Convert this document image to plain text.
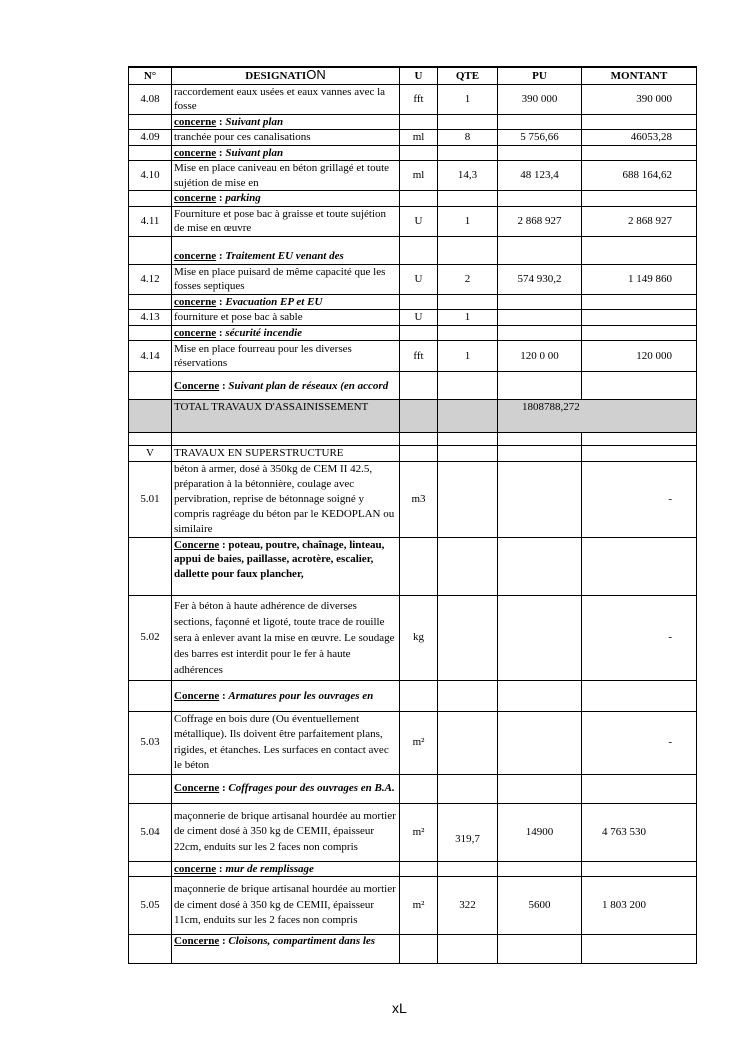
N°	DESIGNATION	U	QTE	PU	MONTANT
4.08	raccordement eaux usées et eaux vannes avec la fosse	fft	1	390 000	390 000
	concerne : Suivant plan				
4.09	tranchée pour ces canalisations	ml	8	5 756,66	46053,28
	concerne : Suivant plan				
4.10	Mise en place caniveau en béton grillagé et toute sujétion de mise en	ml	14,3	48 123,4	688 164,62
	concerne : parking				
4.11	Fourniture et pose bac à graisse et toute sujétion de mise en œuvre	U	1	2 868 927	2 868 927
	concerne : Traitement EU venant des				
4.12	Mise en place puisard de même capacité que les fosses septiques	U	2	574 930,2	1 149 860
	concerne : Evacuation EP et EU				
4.13	fourniture et pose bac à sable	U	1		
	concerne : sécurité incendie				
4.14	Mise en place fourreau pour les diverses réservations	fft	1	120 0 00	120 000
	Concerne : Suivant plan de réseaux (en accord				
	TOTAL TRAVAUX D'ASSAINISSEMENT			1808788,272	

V	TRAVAUX EN SUPERSTRUCTURE				
5.01	béton à armer, dosé à 350kg de CEM II 42.5, préparation à la bétonnière, coulage avec pervibration, reprise de bétonnage soigné y compris ragréage du béton par le KEDOPLAN ou similaire	m3			-
	Concerne : poteau, poutre, chaînage, linteau,
appui de baies, paillasse, acrotère, escalier, dallette pour faux plancher,				
5.02	Fer à béton à haute adhérence de diverses sections, façonné et ligoté, toute trace de rouille sera à enlever avant la mise en œuvre. Le soudage des barres est interdit pour le fer à haute adhérences	kg			-
	Concerne : Armatures pour les ouvrages en				
5.03	Coffrage en bois dure (Ou éventuellement métallique). Ils doivent être parfaitement plans, rigides, et étanches. Les surfaces en contact avec le béton	m²			-
	Concerne : Coffrages pour des ouvrages en B.A.				
5.04	maçonnerie de brique artisanal hourdée au mortier de ciment dosé à 350 kg de CEMII, épaisseur 22cm, enduits sur les 2 faces non compris	m²	319,7	14900	4 763 530
	concerne : mur de remplissage				
5.05	maçonnerie de brique artisanal hourdée au mortier de ciment dosé à 350 kg de CEMII, épaisseur 11cm, enduits sur les 2 faces non compris	m²	322	5600	1 803 200
	Concerne : Cloisons, compartiment dans les				
xL
